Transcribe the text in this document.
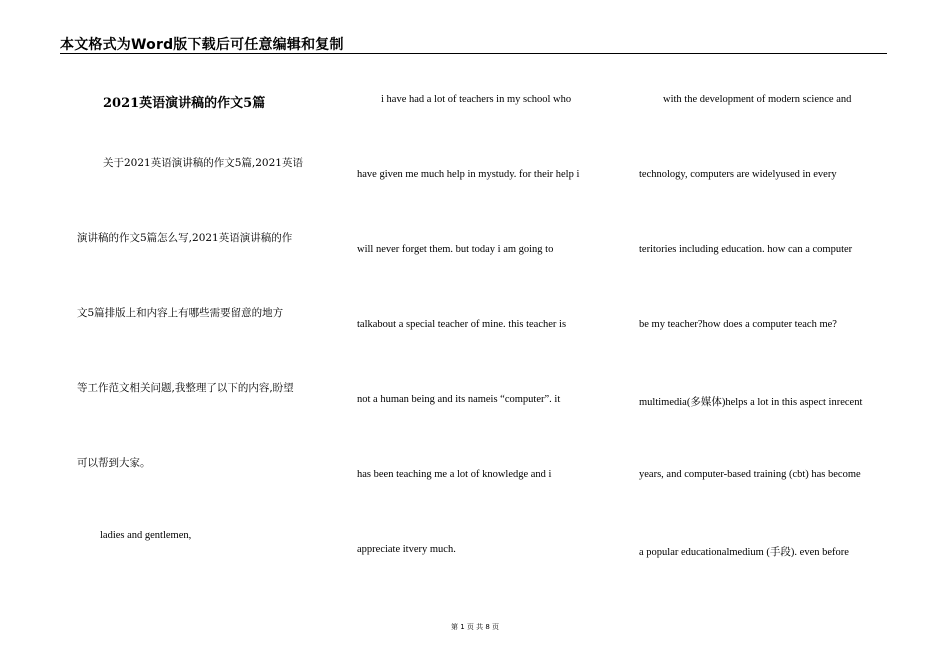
本文格式为Word版下载后可任意编辑和复制
2021英语演讲稿的作文5篇
关于2021英语演讲稿的作文5篇,2021英语
演讲稿的作文5篇怎么写,2021英语演讲稿的作
文5篇排版上和内容上有哪些需要留意的地方
等工作范文相关问题,我整理了以下的内容,盼望
可以帮到大家。
ladies and gentlemen,
i have had a lot of teachers in my school who
have given me much help in mystudy. for their help i
will never forget them. but today i am going to
talkabout a special teacher of mine. this teacher is
not a human being and its nameis “computer”. it
has been teaching me a lot of knowledge and i
appreciate itvery much.
with the development of modern science and
technology, computers are widelyused in every
teritories including education. how can a computer
be my teacher?how does a computer teach me?
multimedia(多媒体)helps a lot in this aspect inrecent
years, and computer-based training (cbt) has become
a popular educationalmedium (手段). even before
第 1 页 共 8 页
